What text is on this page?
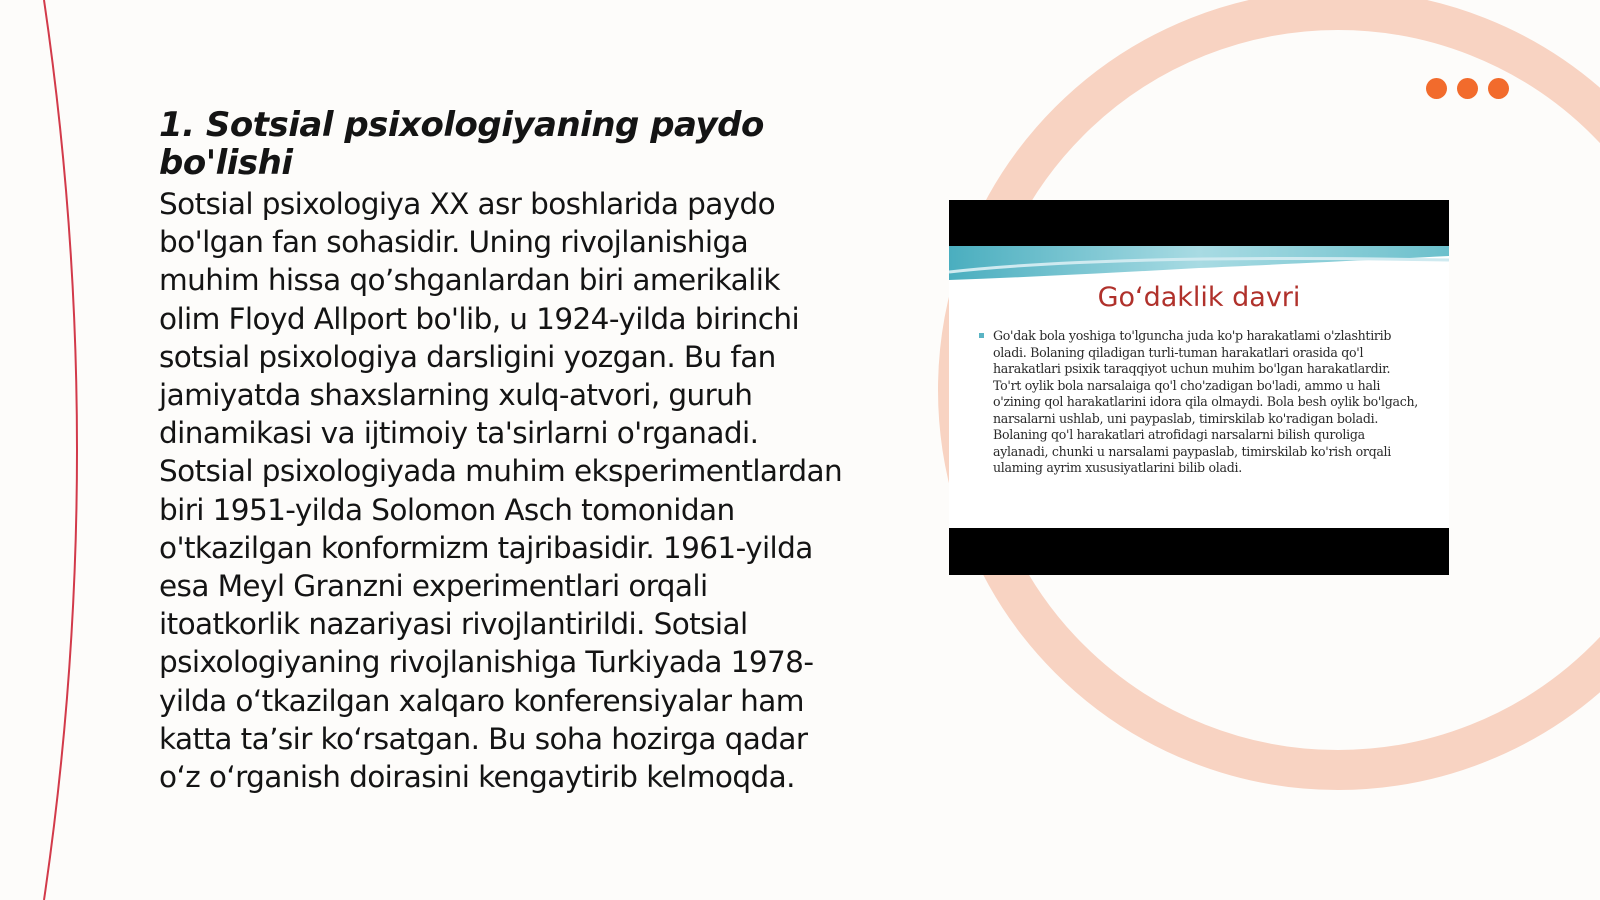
1. Sotsial psixologiyaning paydo bo'lishi

Sotsial psixologiya XX asr boshlarida paydo bo'lgan fan sohasidir. Uning rivojlanishiga muhim hissa qo’shganlardan biri amerikalik olim Floyd Allport bo'lib, u 1924-yilda birinchi sotsial psixologiya darsligini yozgan. Bu fan jamiyatda shaxslarning xulq-atvori, guruh dinamikasi va ijtimoiy ta'sirlarni o'rganadi. Sotsial psixologiyada muhim eksperimentlardan biri 1951-yilda Solomon Asch tomonidan o'tkazilgan konformizm tajribasidir. 1961-yilda esa Meyl Granzni experimentlari orqali itoatkorlik nazariyasi rivojlantirildi. Sotsial psixologiyaning rivojlanishiga Turkiyada 1978-yilda o‘tkazilgan xalqaro konferensiyalar ham katta ta’sir ko‘rsatgan. Bu soha hozirga qadar o‘z o‘rganish doirasini kengaytirib kelmoqda.

Go‘daklik davri

Go'dak bola yoshiga to'lguncha juda ko'p harakatlami o'zlashtirib oladi. Bolaning qiladigan turli-tuman harakatlari orasida qo'l harakatlari psixik taraqqiyot uchun muhim bo'lgan harakatlardir. To'rt oylik bola narsalaiga qo'l cho'zadigan bo'ladi, ammo u hali o'zining qol harakatlarini idora qila olmaydi. Bola besh oylik bo'lgach, narsalarni ushlab, uni paypaslab, timirskilab ko'radigan boladi. Bolaning qo'l harakatlari atrofidagi narsalarni bilish quroliga aylanadi, chunki u narsalami paypaslab, timirskilab ko'rish orqali ulaming ayrim xususiyatlarini bilib oladi.
